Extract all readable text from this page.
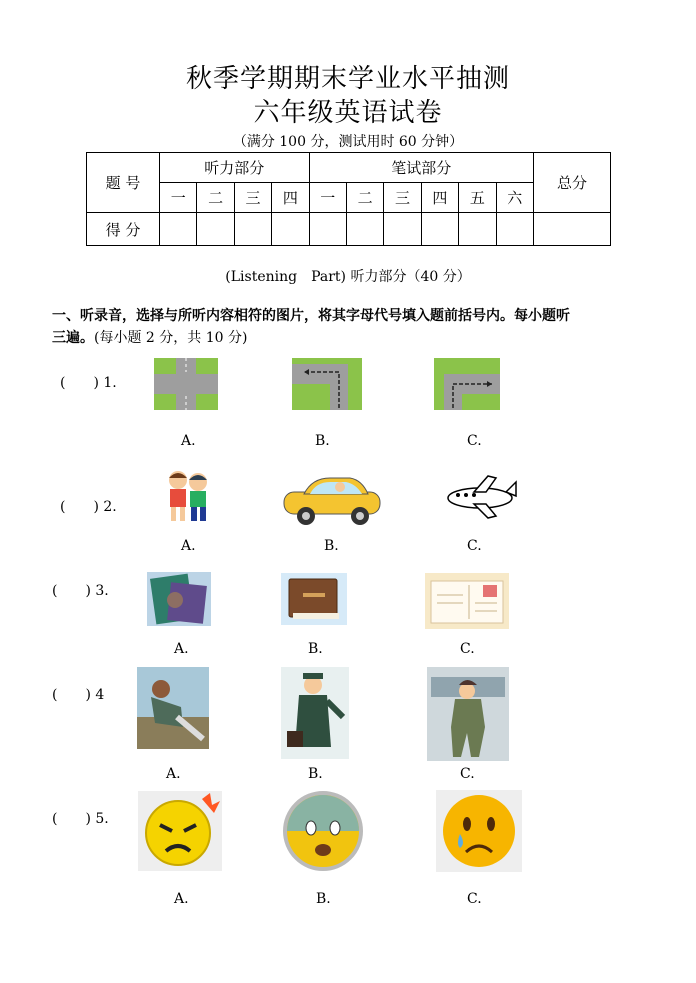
秋季学期期末学业水平抽测
六年级英语试卷
（满分 100 分，测试用时 60 分钟）
题 号	听力部分				笔试部分						总分
	一	二	三	四	一	二	三	四	五	六	
得 分											
(Listening　Part) 听力部分（40 分）
一、听录音，选择与所听内容相符的图片，将其字母代号填入题前括号内。每小题听
三遍。(每小题 2 分，共 10 分)
(　　) 1.
A.	B.	C.
(　　) 2.
A.	B.	C.
(　　) 3.
A.	B.	C.
(　　) 4
A.	B.	C.
(　　) 5.
A.	B.	C.
